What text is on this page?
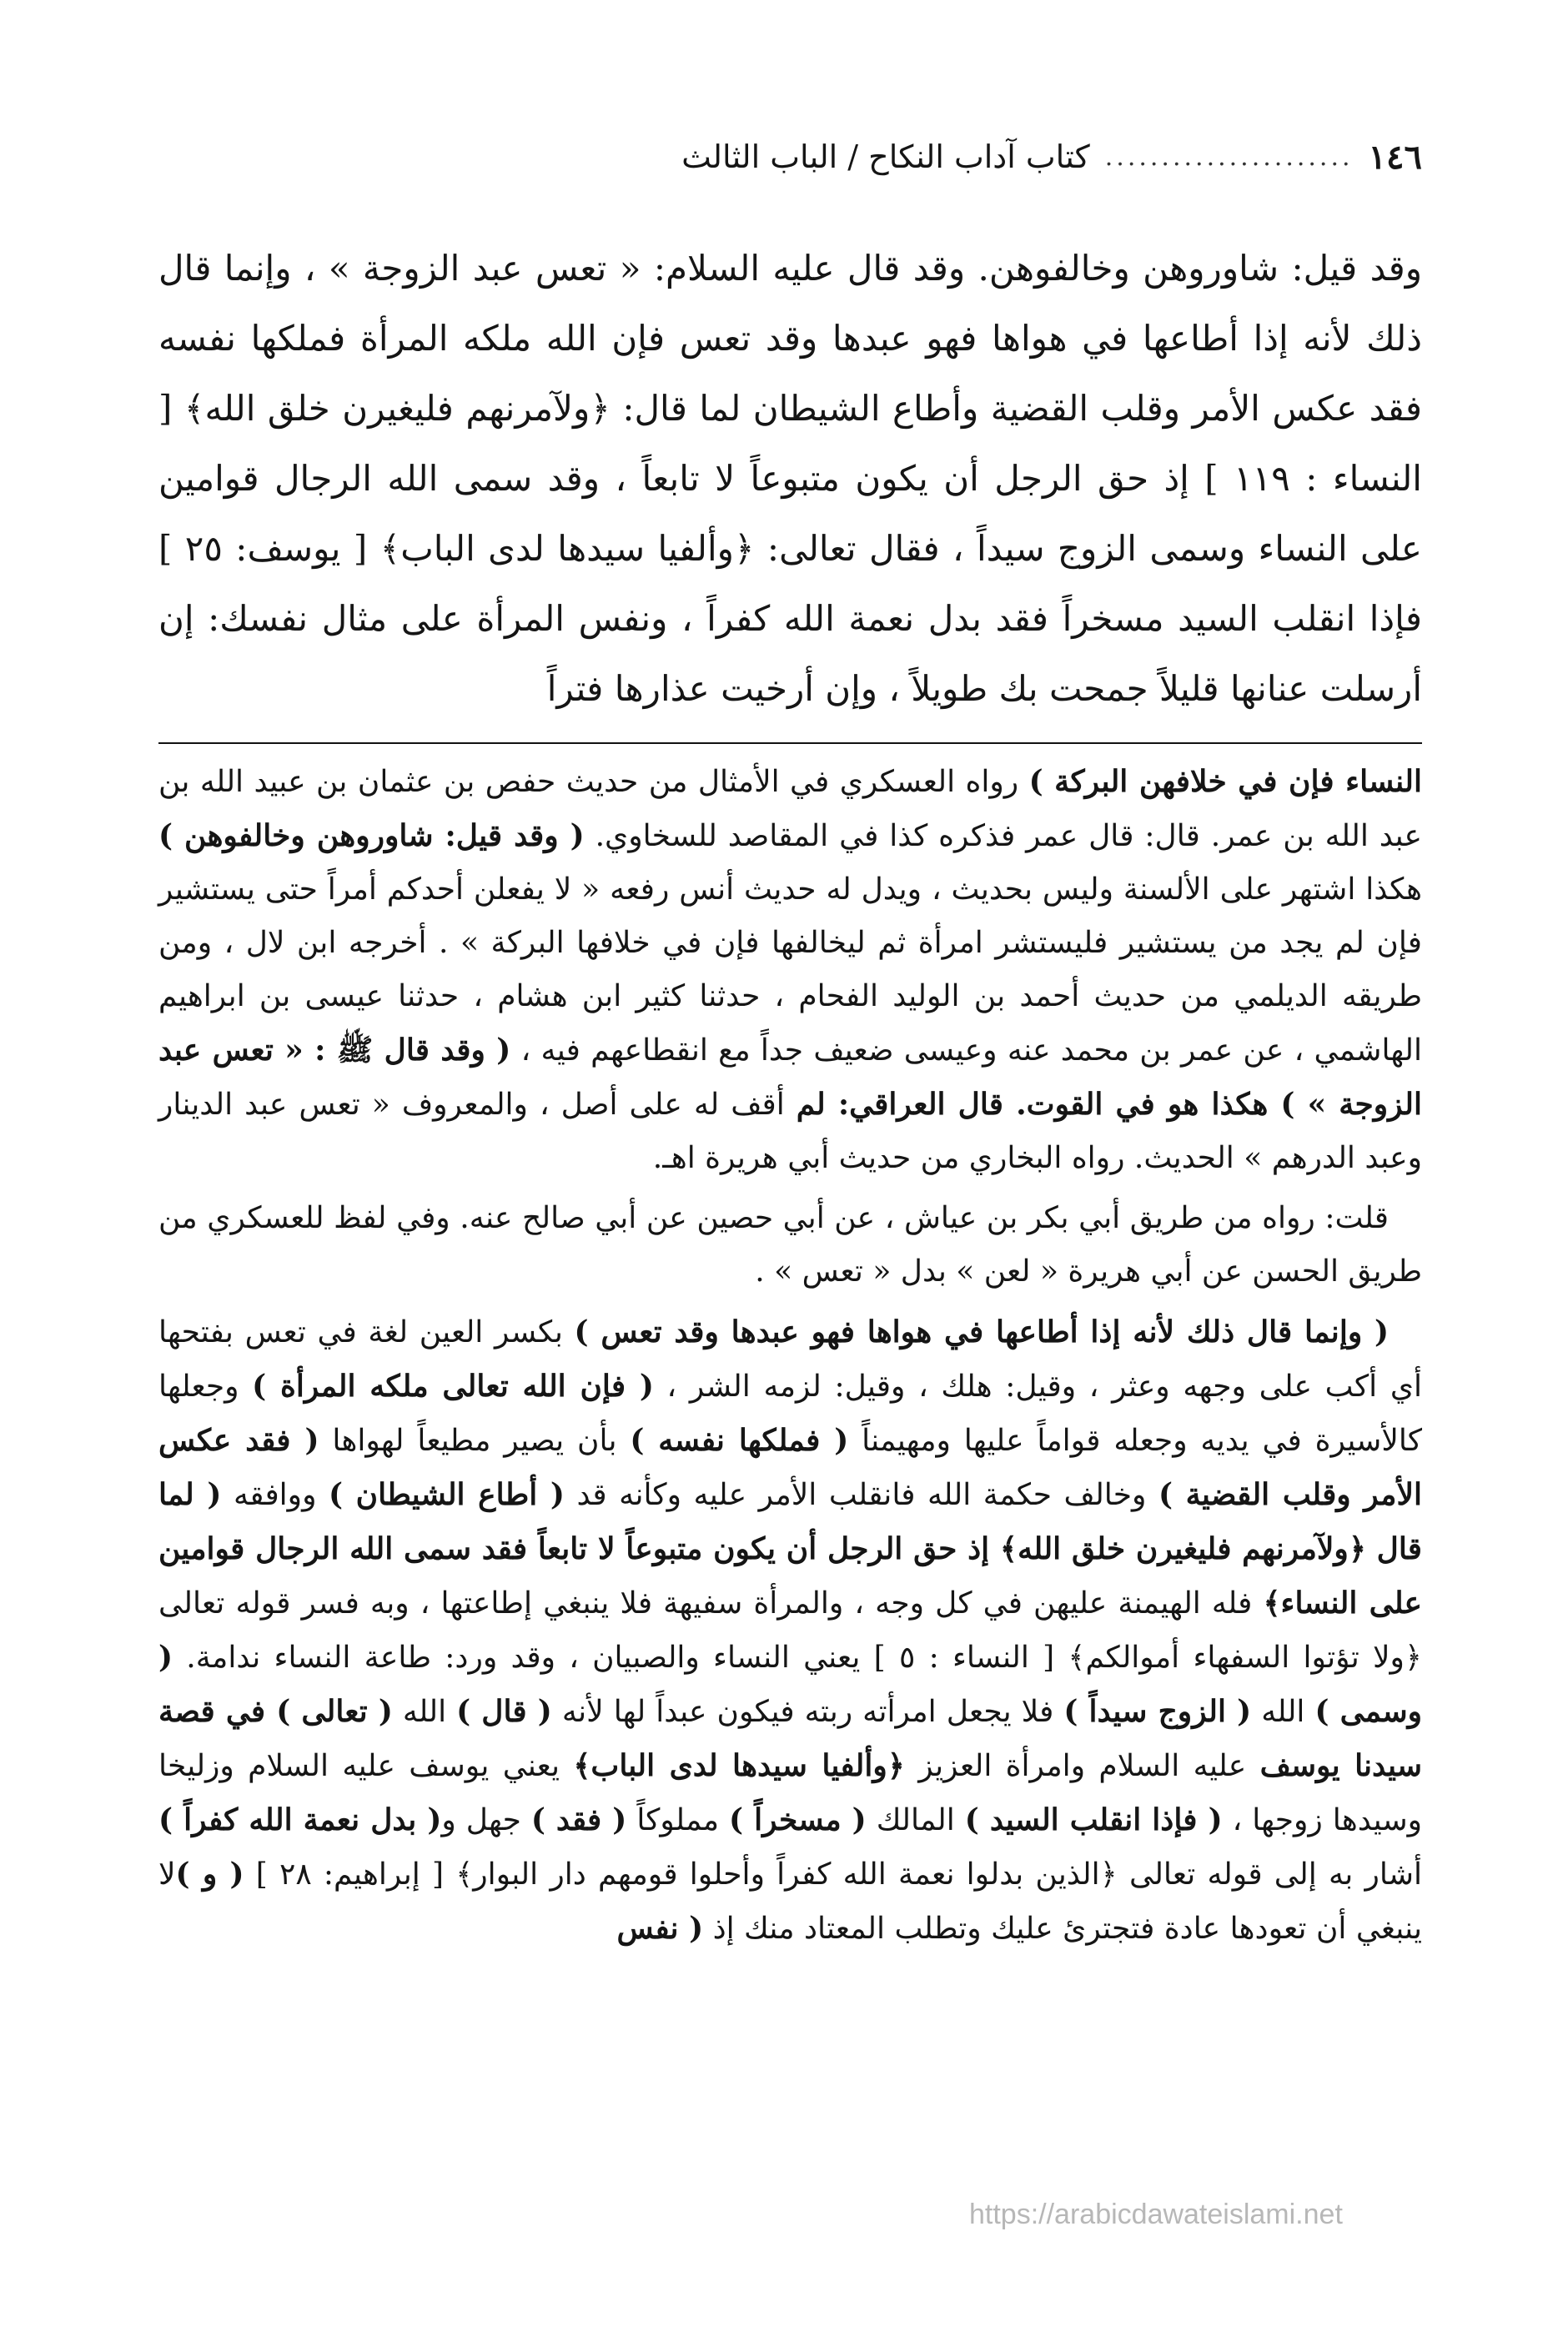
١٤٦
......................
كتاب آداب النكاح / الباب الثالث

وقد قيل: شاوروهن وخالفوهن. وقد قال عليه السلام: « تعس عبد الزوجة » ، وإنما قال ذلك لأنه إذا أطاعها في هواها فهو عبدها وقد تعس فإن الله ملكه المرأة فملكها نفسه فقد عكس الأمر وقلب القضية وأطاع الشيطان لما قال: ﴿ولآمرنهم فليغيرن خلق الله﴾ [ النساء : ١١٩ ] إذ حق الرجل أن يكون متبوعاً لا تابعاً ، وقد سمى الله الرجال قوامين على النساء وسمى الزوج سيداً ، فقال تعالى: ﴿وألفيا سيدها لدى الباب﴾ [ يوسف: ٢٥ ] فإذا انقلب السيد مسخراً فقد بدل نعمة الله كفراً ، ونفس المرأة على مثال نفسك: إن أرسلت عنانها قليلاً جمحت بك طويلاً ، وإن أرخيت عذارها فتراً

النساء فإن في خلافهن البركة ) رواه العسكري في الأمثال من حديث حفص بن عثمان بن عبيد الله بن عبد الله بن عمر. قال: قال عمر فذكره كذا في المقاصد للسخاوي. ( وقد قيل: شاوروهن وخالفوهن ) هكذا اشتهر على الألسنة وليس بحديث ، ويدل له حديث أنس رفعه « لا يفعلن أحدكم أمراً حتى يستشير فإن لم يجد من يستشير فليستشر امرأة ثم ليخالفها فإن في خلافها البركة » . أخرجه ابن لال ، ومن طريقه الديلمي من حديث أحمد بن الوليد الفحام ، حدثنا كثير ابن هشام ، حدثنا عيسى بن ابراهيم الهاشمي ، عن عمر بن محمد عنه وعيسى ضعيف جداً مع انقطاعهم فيه ، ( وقد قال ﷺ : « تعس عبد الزوجة » ) هكذا هو في القوت. قال العراقي: لم أقف له على أصل ، والمعروف « تعس عبد الدينار وعبد الدرهم » الحديث. رواه البخاري من حديث أبي هريرة اهـ.

قلت: رواه من طريق أبي بكر بن عياش ، عن أبي حصين عن أبي صالح عنه. وفي لفظ للعسكري من طريق الحسن عن أبي هريرة « لعن » بدل « تعس » .

( وإنما قال ذلك لأنه إذا أطاعها في هواها فهو عبدها وقد تعس ) بكسر العين لغة في تعس بفتحها أي أكب على وجهه وعثر ، وقيل: هلك ، وقيل: لزمه الشر ، ( فإن الله تعالى ملكه المرأة ) وجعلها كالأسيرة في يديه وجعله قواماً عليها ومهيمناً ( فملكها نفسه ) بأن يصير مطيعاً لهواها ( فقد عكس الأمر وقلب القضية ) وخالف حكمة الله فانقلب الأمر عليه وكأنه قد ( أطاع الشيطان ) ووافقه ( لما قال ﴿ولآمرنهم فليغيرن خلق الله﴾ إذ حق الرجل أن يكون متبوعاً لا تابعاً فقد سمى الله الرجال قوامين على النساء﴾ فله الهيمنة عليهن في كل وجه ، والمرأة سفيهة فلا ينبغي إطاعتها ، وبه فسر قوله تعالى ﴿ولا تؤتوا السفهاء أموالكم﴾ [ النساء : ٥ ] يعني النساء والصبيان ، وقد ورد: طاعة النساء ندامة. ( وسمى ) الله ( الزوج سيداً ) فلا يجعل امرأته ربته فيكون عبداً لها لأنه ( قال ) الله ( تعالى ) في قصة سيدنا يوسف عليه السلام وامرأة العزيز ﴿وألفيا سيدها لدى الباب﴾ يعني يوسف عليه السلام وزليخا وسيدها زوجها ، ( فإذا انقلب السيد ) المالك ( مسخراً ) مملوكاً ( فقد ) جهل و( بدل نعمة الله كفراً ) أشار به إلى قوله تعالى ﴿الذين بدلوا نعمة الله كفراً وأحلوا قومهم دار البوار﴾ [ إبراهيم: ٢٨ ] ( و )لا ينبغي أن تعودها عادة فتجترئ عليك وتطلب المعتاد منك إذ ( نفس

https://arabicdawateislami.net
